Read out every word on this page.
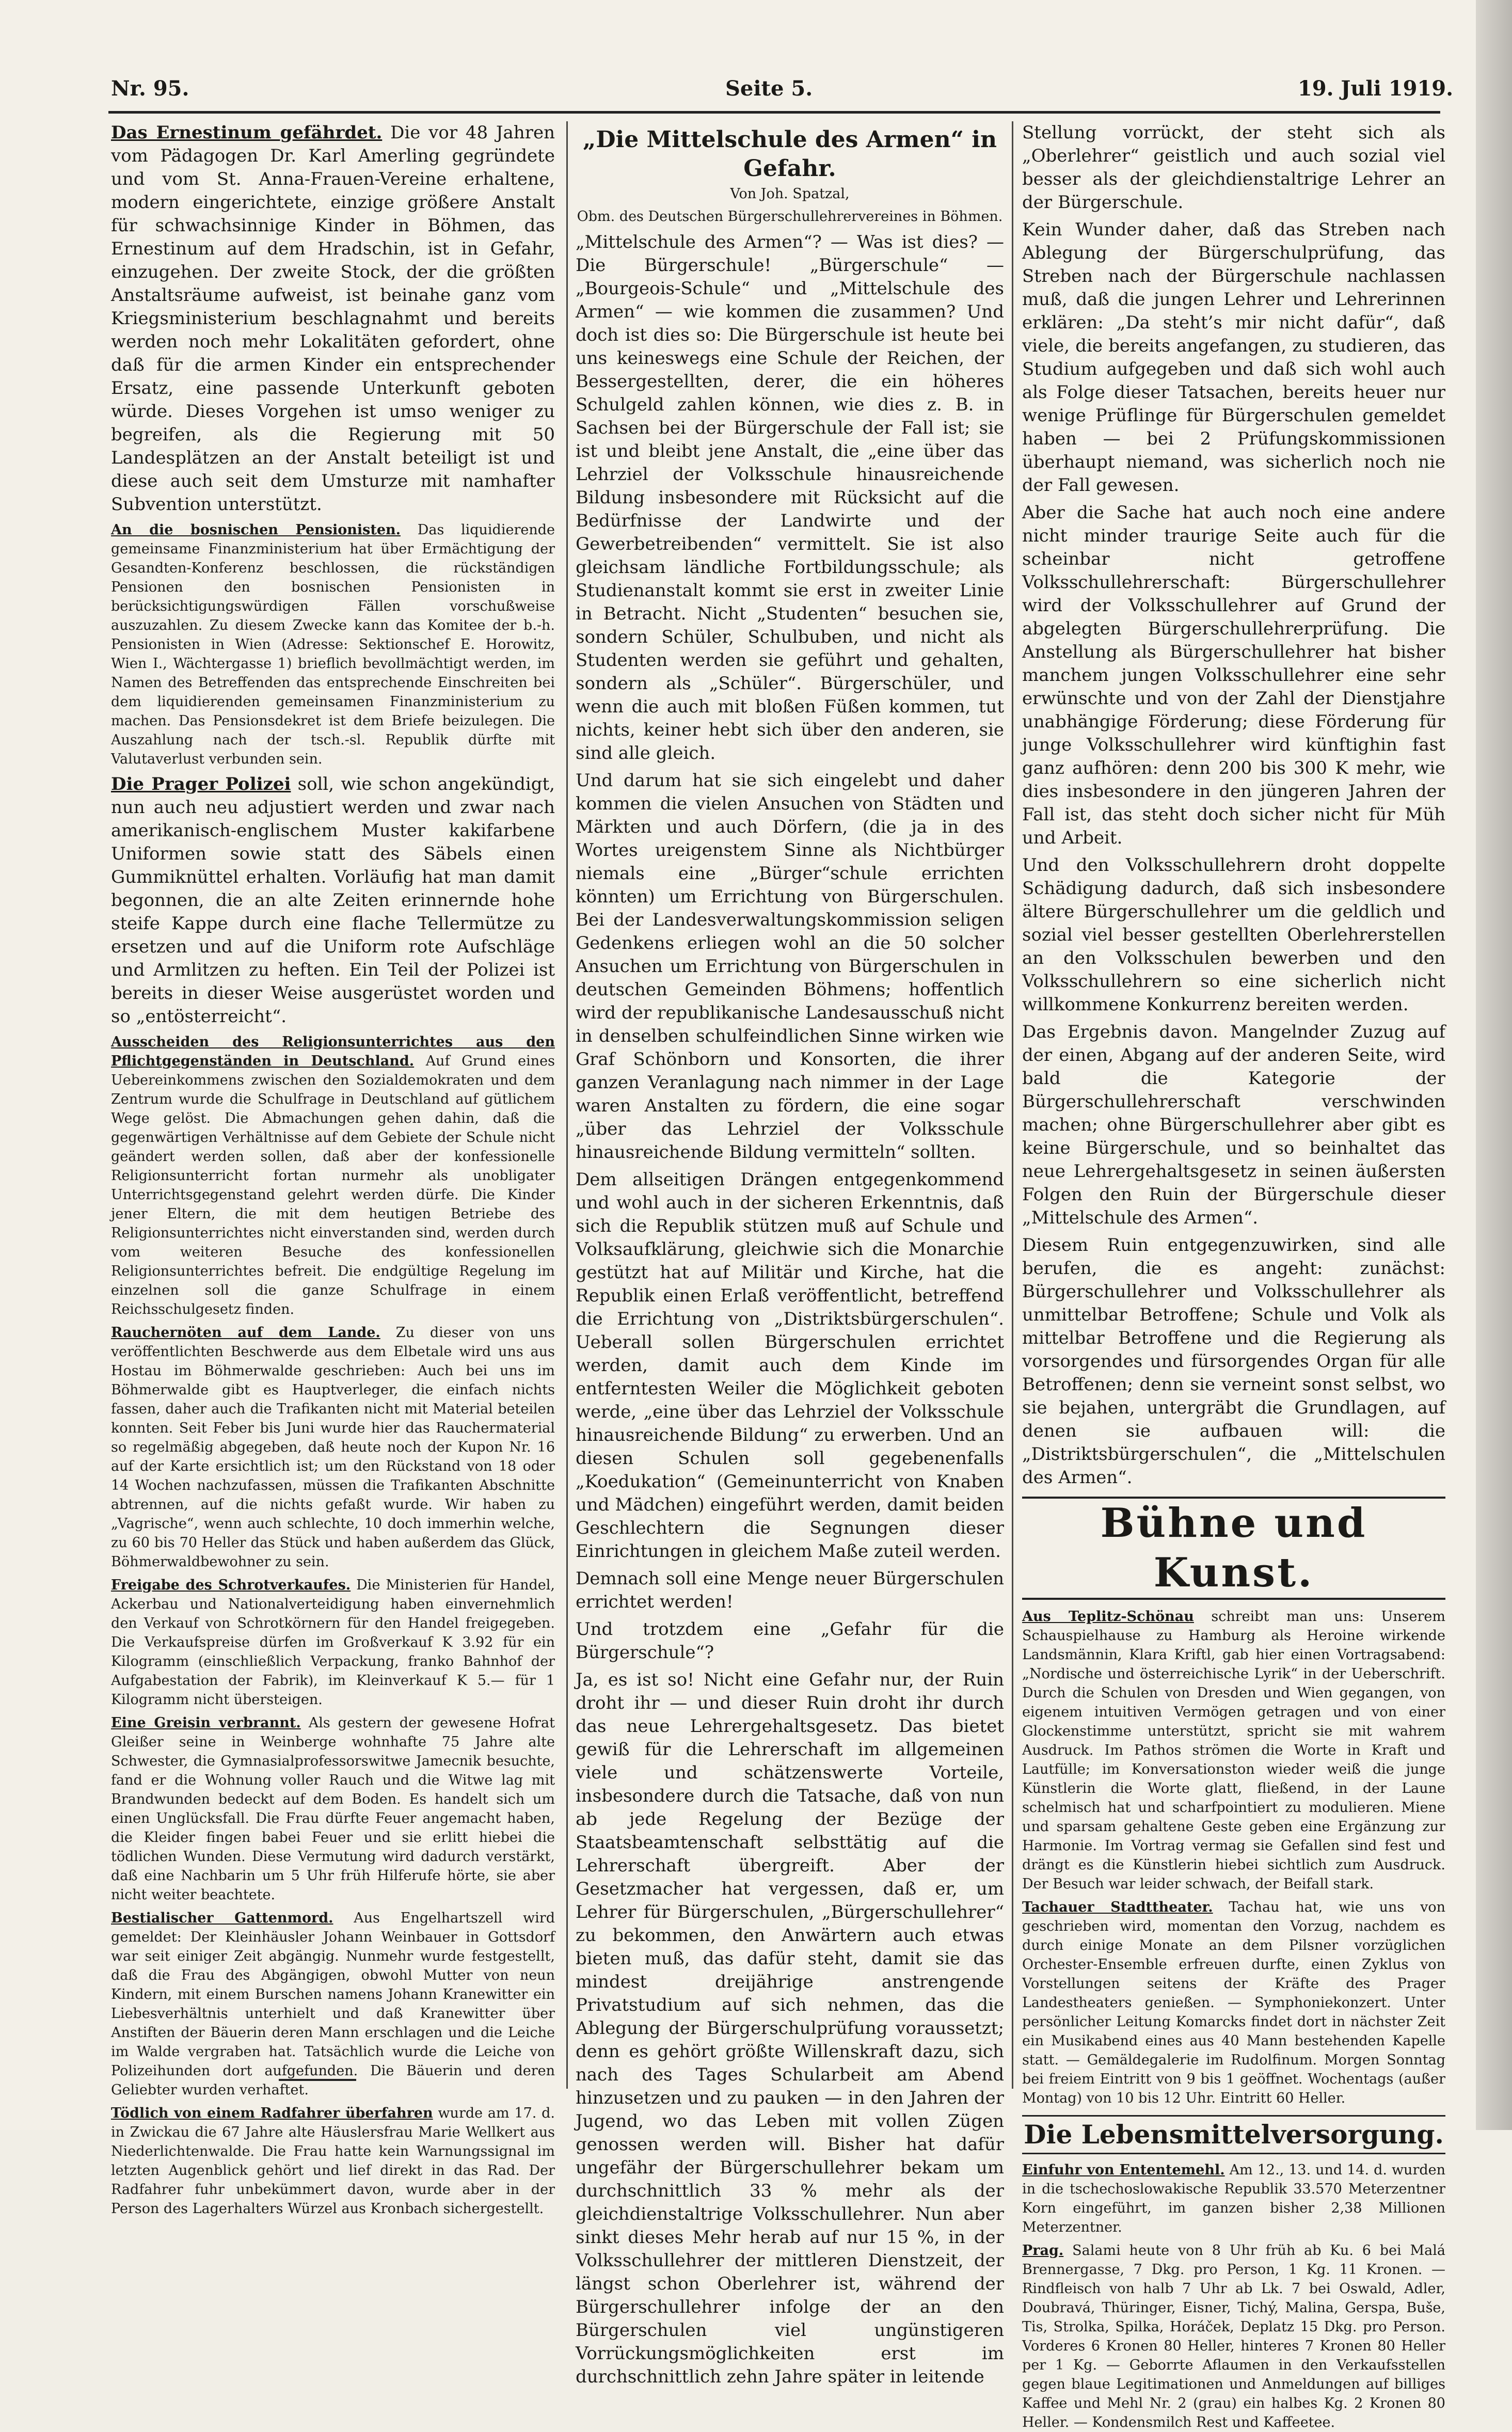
Nr. 95.	Seite 5.	19. Juli 1919.

Das Ernestinum gefährdet. Die vor 48 Jahren vom Pädagogen Dr. Karl Amerling gegründete und vom St. Anna-Frauen-Vereine erhaltene, modern eingerichtete, einzige größere Anstalt für schwachsinnige Kinder in Böhmen, das Ernestinum auf dem Hradschin, ist in Gefahr, einzugehen. Der zweite Stock, der die größten Anstaltsräume aufweist, ist beinahe ganz vom Kriegsministerium beschlagnahmt und bereits werden noch mehr Lokalitäten gefordert, ohne daß für die armen Kinder ein entsprechender Ersatz, eine passende Unterkunft geboten würde. Dieses Vorgehen ist umso weniger zu begreifen, als die Regierung mit 50 Landesplätzen an der Anstalt beteiligt ist und diese auch seit dem Umsturze mit namhafter Subvention unterstützt.

An die bosnischen Pensionisten. Das liquidierende gemeinsame Finanzministerium hat über Ermächtigung der Gesandten-Konferenz beschlossen, die rückständigen Pensionen den bosnischen Pensionisten in berücksichtigungswürdigen Fällen vorschußweise auszuzahlen. Zu diesem Zwecke kann das Komitee der b.-h. Pensionisten in Wien (Adresse: Sektionschef E. Horowitz, Wien I., Wächtergasse 1) brieflich bevollmächtigt werden, im Namen des Betreffenden das entsprechende Einschreiten bei dem liquidierenden gemeinsamen Finanzministerium zu machen. Das Pensionsdekret ist dem Briefe beizulegen. Die Auszahlung nach der tsch.-sl. Republik dürfte mit Valutaverlust verbunden sein.

Die Prager Polizei soll, wie schon angekündigt, nun auch neu adjustiert werden und zwar nach amerikanisch-englischem Muster kakifarbene Uniformen sowie statt des Säbels einen Gummiknüttel erhalten. Vorläufig hat man damit begonnen, die an alte Zeiten erinnernde hohe steife Kappe durch eine flache Tellermütze zu ersetzen und auf die Uniform rote Aufschläge und Armlitzen zu heften. Ein Teil der Polizei ist bereits in dieser Weise ausgerüstet worden und so „entösterreicht“.

Ausscheiden des Religionsunterrichtes aus den Pflichtgegenständen in Deutschland. Auf Grund eines Uebereinkommens zwischen den Sozialdemokraten und dem Zentrum wurde die Schulfrage in Deutschland auf gütlichem Wege gelöst. Die Abmachungen gehen dahin, daß die gegenwärtigen Verhältnisse auf dem Gebiete der Schule nicht geändert werden sollen, daß aber der konfessionelle Religionsunterricht fortan nurmehr als unobligater Unterrichtsgegenstand gelehrt werden dürfe. Die Kinder jener Eltern, die mit dem heutigen Betriebe des Religionsunterrichtes nicht einverstanden sind, werden durch vom weiteren Besuche des konfessionellen Religionsunterrichtes befreit. Die endgültige Regelung im einzelnen soll die ganze Schulfrage in einem Reichsschulgesetz finden.

Rauchernöten auf dem Lande. Zu dieser von uns veröffentlichten Beschwerde aus dem Elbetale wird uns aus Hostau im Böhmerwalde geschrieben: Auch bei uns im Böhmerwalde gibt es Hauptverleger, die einfach nichts fassen, daher auch die Trafikanten nicht mit Material beteilen konnten. Seit Feber bis Juni wurde hier das Rauchermaterial so regelmäßig abgegeben, daß heute noch der Kupon Nr. 16 auf der Karte ersichtlich ist; um den Rückstand von 18 oder 14 Wochen nachzufassen, müssen die Trafikanten Abschnitte abtrennen, auf die nichts gefaßt wurde. Wir haben zu „Vagrische“, wenn auch schlechte, 10 doch immerhin welche, zu 60 bis 70 Heller das Stück und haben außerdem das Glück, Böhmerwaldbewohner zu sein.

Freigabe des Schrotverkaufes. Die Ministerien für Handel, Ackerbau und Nationalverteidigung haben einvernehmlich den Verkauf von Schrotkörnern für den Handel freigegeben. Die Verkaufspreise dürfen im Großverkauf K 3.92 für ein Kilogramm (einschließlich Verpackung, franko Bahnhof der Aufgabestation der Fabrik), im Kleinverkauf K 5.— für 1 Kilogramm nicht übersteigen.

Eine Greisin verbrannt. Als gestern der gewesene Hofrat Gleißer seine in Weinberge wohnhafte 75 Jahre alte Schwester, die Gymnasialprofessorswitwe Jamecnik besuchte, fand er die Wohnung voller Rauch und die Witwe lag mit Brandwunden bedeckt auf dem Boden. Es handelt sich um einen Unglücksfall. Die Frau dürfte Feuer angemacht haben, die Kleider fingen babei Feuer und sie erlitt hiebei die tödlichen Wunden. Diese Vermutung wird dadurch verstärkt, daß eine Nachbarin um 5 Uhr früh Hilferufe hörte, sie aber nicht weiter beachtete.

Bestialischer Gattenmord. Aus Engelhartszell wird gemeldet: Der Kleinhäusler Johann Weinbauer in Gottsdorf war seit einiger Zeit abgängig. Nunmehr wurde festgestellt, daß die Frau des Abgängigen, obwohl Mutter von neun Kindern, mit einem Burschen namens Johann Kranewitter ein Liebesverhältnis unterhielt und daß Kranewitter über Anstiften der Bäuerin deren Mann erschlagen und die Leiche im Walde vergraben hat. Tatsächlich wurde die Leiche von Polizeihunden dort aufgefunden. Die Bäuerin und deren Geliebter wurden verhaftet.

Tödlich von einem Radfahrer überfahren wurde am 17. d. in Zwickau die 67 Jahre alte Häuslersfrau Marie Wellkert aus Niederlichtenwalde. Die Frau hatte kein Warnungssignal im letzten Augenblick gehört und lief direkt in das Rad. Der Radfahrer fuhr unbekümmert davon, wurde aber in der Person des Lagerhalters Würzel aus Kronbach sichergestellt.

„Die Mittelschule des Armen“ in Gefahr.
Von Joh. Spatzal,
Obm. des Deutschen Bürgerschullehrervereines in Böhmen.

„Mittelschule des Armen“? — Was ist dies? — Die Bürgerschule! „Bürgerschule“ — „Bourgeois-Schule“ und „Mittelschule des Armen“ — wie kommen die zusammen? Und doch ist dies so: Die Bürgerschule ist heute bei uns keineswegs eine Schule der Reichen, der Bessergestellten, derer, die ein höheres Schulgeld zahlen können, wie dies z. B. in Sachsen bei der Bürgerschule der Fall ist; sie ist und bleibt jene Anstalt, die „eine über das Lehrziel der Volksschule hinausreichende Bildung insbesondere mit Rücksicht auf die Bedürfnisse der Landwirte und der Gewerbetreibenden“ vermittelt. Sie ist also gleichsam ländliche Fortbildungsschule; als Studienanstalt kommt sie erst in zweiter Linie in Betracht. Nicht „Studenten“ besuchen sie, sondern Schüler, Schulbuben, und nicht als Studenten werden sie geführt und gehalten, sondern als „Schüler“. Bürgerschüler, und wenn die auch mit bloßen Füßen kommen, tut nichts, keiner hebt sich über den anderen, sie sind alle gleich.

Und darum hat sie sich eingelebt und daher kommen die vielen Ansuchen von Städten und Märkten und auch Dörfern, (die ja in des Wortes ureigenstem Sinne als Nichtbürger niemals eine „Bürger“schule errichten könnten) um Errichtung von Bürgerschulen. Bei der Landesverwaltungskommission seligen Gedenkens erliegen wohl an die 50 solcher Ansuchen um Errichtung von Bürgerschulen in deutschen Gemeinden Böhmens; hoffentlich wird der republikanische Landesausschuß nicht in denselben schulfeindlichen Sinne wirken wie Graf Schönborn und Konsorten, die ihrer ganzen Veranlagung nach nimmer in der Lage waren Anstalten zu fördern, die eine sogar „über das Lehrziel der Volksschule hinausreichende Bildung vermitteln“ sollten.

Dem allseitigen Drängen entgegenkommend und wohl auch in der sicheren Erkenntnis, daß sich die Republik stützen muß auf Schule und Volksaufklärung, gleichwie sich die Monarchie gestützt hat auf Militär und Kirche, hat die Republik einen Erlaß veröffentlicht, betreffend die Errichtung von „Distriktsbürgerschulen“. Ueberall sollen Bürgerschulen errichtet werden, damit auch dem Kinde im entferntesten Weiler die Möglichkeit geboten werde, „eine über das Lehrziel der Volksschule hinausreichende Bildung“ zu erwerben. Und an diesen Schulen soll gegebenenfalls „Koedukation“ (Gemeinunterricht von Knaben und Mädchen) eingeführt werden, damit beiden Geschlechtern die Segnungen dieser Einrichtungen in gleichem Maße zuteil werden.

Demnach soll eine Menge neuer Bürgerschulen errichtet werden!

Und trotzdem eine „Gefahr für die Bürgerschule“?

Ja, es ist so! Nicht eine Gefahr nur, der Ruin droht ihr — und dieser Ruin droht ihr durch das neue Lehrergehaltsgesetz. Das bietet gewiß für die Lehrerschaft im allgemeinen viele und schätzenswerte Vorteile, insbesondere durch die Tatsache, daß von nun ab jede Regelung der Bezüge der Staatsbeamtenschaft selbsttätig auf die Lehrerschaft übergreift. Aber der Gesetzmacher hat vergessen, daß er, um Lehrer für Bürgerschulen, „Bürgerschullehrer“ zu bekommen, den Anwärtern auch etwas bieten muß, das dafür steht, damit sie das mindest dreijährige anstrengende Privatstudium auf sich nehmen, das die Ablegung der Bürgerschulprüfung voraussetzt; denn es gehört größte Willenskraft dazu, sich nach des Tages Schularbeit am Abend hinzusetzen und zu pauken — in den Jahren der Jugend, wo das Leben mit vollen Zügen genossen werden will. Bisher hat dafür ungefähr der Bürgerschullehrer bekam um durchschnittlich 33 % mehr als der gleichdienstaltrige Volksschullehrer. Nun aber sinkt dieses Mehr herab auf nur 15 %, in der Volksschullehrer der mittleren Dienstzeit, der längst schon Oberlehrer ist, während der Bürgerschullehrer infolge der an den Bürgerschulen viel ungünstigeren Vorrückungsmöglichkeiten erst im durchschnittlich zehn Jahre später in leitende

Stellung vorrückt, der steht sich als „Oberlehrer“ geistlich und auch sozial viel besser als der gleichdienstaltrige Lehrer an der Bürgerschule.

Kein Wunder daher, daß das Streben nach Ablegung der Bürgerschulprüfung, das Streben nach der Bürgerschule nachlassen muß, daß die jungen Lehrer und Lehrerinnen erklären: „Da steht’s mir nicht dafür“, daß viele, die bereits angefangen, zu studieren, das Studium aufgegeben und daß sich wohl auch als Folge dieser Tatsachen, bereits heuer nur wenige Prüflinge für Bürgerschulen gemeldet haben — bei 2 Prüfungskommissionen überhaupt niemand, was sicherlich noch nie der Fall gewesen.

Aber die Sache hat auch noch eine andere nicht minder traurige Seite auch für die scheinbar nicht getroffene Volksschullehrerschaft: Bürgerschullehrer wird der Volksschullehrer auf Grund der abgelegten Bürgerschullehrerprüfung. Die Anstellung als Bürgerschullehrer hat bisher manchem jungen Volksschullehrer eine sehr erwünschte und von der Zahl der Dienstjahre unabhängige Förderung; diese Förderung für junge Volksschullehrer wird künftighin fast ganz aufhören: denn 200 bis 300 K mehr, wie dies insbesondere in den jüngeren Jahren der Fall ist, das steht doch sicher nicht für Müh und Arbeit.

Und den Volksschullehrern droht doppelte Schädigung dadurch, daß sich insbesondere ältere Bürgerschullehrer um die geldlich und sozial viel besser gestellten Oberlehrerstellen an den Volksschulen bewerben und den Volksschullehrern so eine sicherlich nicht willkommene Konkurrenz bereiten werden.

Das Ergebnis davon. Mangelnder Zuzug auf der einen, Abgang auf der anderen Seite, wird bald die Kategorie der Bürgerschullehrerschaft verschwinden machen; ohne Bürgerschullehrer aber gibt es keine Bürgerschule, und so beinhaltet das neue Lehrergehaltsgesetz in seinen äußersten Folgen den Ruin der Bürgerschule dieser „Mittelschule des Armen“.

Diesem Ruin entgegenzuwirken, sind alle berufen, die es angeht: zunächst: Bürgerschullehrer und Volksschullehrer als unmittelbar Betroffene; Schule und Volk als mittelbar Betroffene und die Regierung als vorsorgendes und fürsorgendes Organ für alle Betroffenen; denn sie verneint sonst selbst, wo sie bejahen, untergräbt die Grundlagen, auf denen sie aufbauen will: die „Distriktsbürgerschulen“, die „Mittelschulen des Armen“.

Bühne und Kunst.

Aus Teplitz-Schönau schreibt man uns: Unserem Schauspielhause zu Hamburg als Heroine wirkende Landsmännin, Klara Kriftl, gab hier einen Vortragsabend: „Nordische und österreichische Lyrik“ in der Ueberschrift. Durch die Schulen von Dresden und Wien gegangen, von eigenem intuitiven Vermögen getragen und von einer Glockenstimme unterstützt, spricht sie mit wahrem Ausdruck. Im Pathos strömen die Worte in Kraft und Lautfülle; im Konversationston wieder weiß die junge Künstlerin die Worte glatt, fließend, in der Laune schelmisch hat und scharfpointiert zu modulieren. Miene und sparsam gehaltene Geste geben eine Ergänzung zur Harmonie. Im Vortrag vermag sie Gefallen sind fest und drängt es die Künstlerin hiebei sichtlich zum Ausdruck. Der Besuch war leider schwach, der Beifall stark.

Tachauer Stadttheater. Tachau hat, wie uns von geschrieben wird, momentan den Vorzug, nachdem es durch einige Monate an dem Pilsner vorzüglichen Orchester-Ensemble erfreuen durfte, einen Zyklus von Vorstellungen seitens der Kräfte des Prager Landestheaters genießen. — Symphoniekonzert. Unter persönlicher Leitung Komarcks findet dort in nächster Zeit ein Musikabend eines aus 40 Mann bestehenden Kapelle statt. — Gemäldegalerie im Rudolfinum. Morgen Sonntag bei freiem Eintritt von 9 bis 1 geöffnet. Wochentags (außer Montag) von 10 bis 12 Uhr. Eintritt 60 Heller.

Die Lebensmittelversorgung.

Einfuhr von Ententemehl. Am 12., 13. und 14. d. wurden in die tschechoslowakische Republik 33.570 Meterzentner Korn eingeführt, im ganzen bisher 2,38 Millionen Meterzentner.

Prag. Salami heute von 8 Uhr früh ab Ku. 6 bei Malá Brennergasse, 7 Dkg. pro Person, 1 Kg. 11 Kronen. — Rindfleisch von halb 7 Uhr ab Lk. 7 bei Oswald, Adler, Doubravá, Thüringer, Eisner, Tichý, Malina, Gerspa, Buše, Tis, Strolka, Spilka, Horáček, Deplatz 15 Dkg. pro Person. Vorderes 6 Kronen 80 Heller, hinteres 7 Kronen 80 Heller per 1 Kg. — Geborrte Aflaumen in den Verkaufsstellen gegen blaue Legitimationen und Anmeldungen auf billiges Kaffee und Mehl Nr. 2 (grau) ein halbes Kg. 2 Kronen 80 Heller. — Kondensmilch Rest und Kaffeetee.
